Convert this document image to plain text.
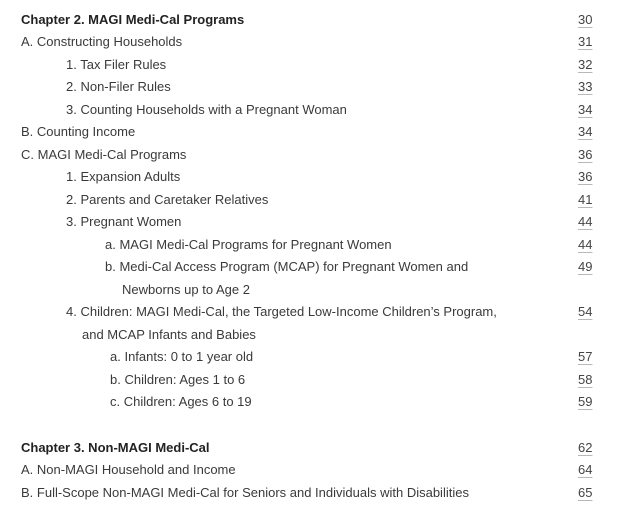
Chapter 2. MAGI Medi-Cal Programs	30
A. Constructing Households	31
1. Tax Filer Rules	32
2. Non-Filer Rules	33
3. Counting Households with a Pregnant Woman	34
B. Counting Income	34
C. MAGI Medi-Cal Programs	36
1. Expansion Adults	36
2. Parents and Caretaker Relatives	41
3. Pregnant Women	44
a. MAGI Medi-Cal Programs for Pregnant Women	44
b. Medi-Cal Access Program (MCAP) for Pregnant Women and	49
Newborns up to Age 2
4. Children: MAGI Medi-Cal, the Targeted Low-Income Children’s Program,	54
and MCAP Infants and Babies
a. Infants: 0 to 1 year old	57
b. Children: Ages 1 to 6	58
c. Children: Ages 6 to 19	59
Chapter 3. Non-MAGI Medi-Cal	62
A. Non-MAGI Household and Income	64
B. Full-Scope Non-MAGI Medi-Cal for Seniors and Individuals with Disabilities	65
